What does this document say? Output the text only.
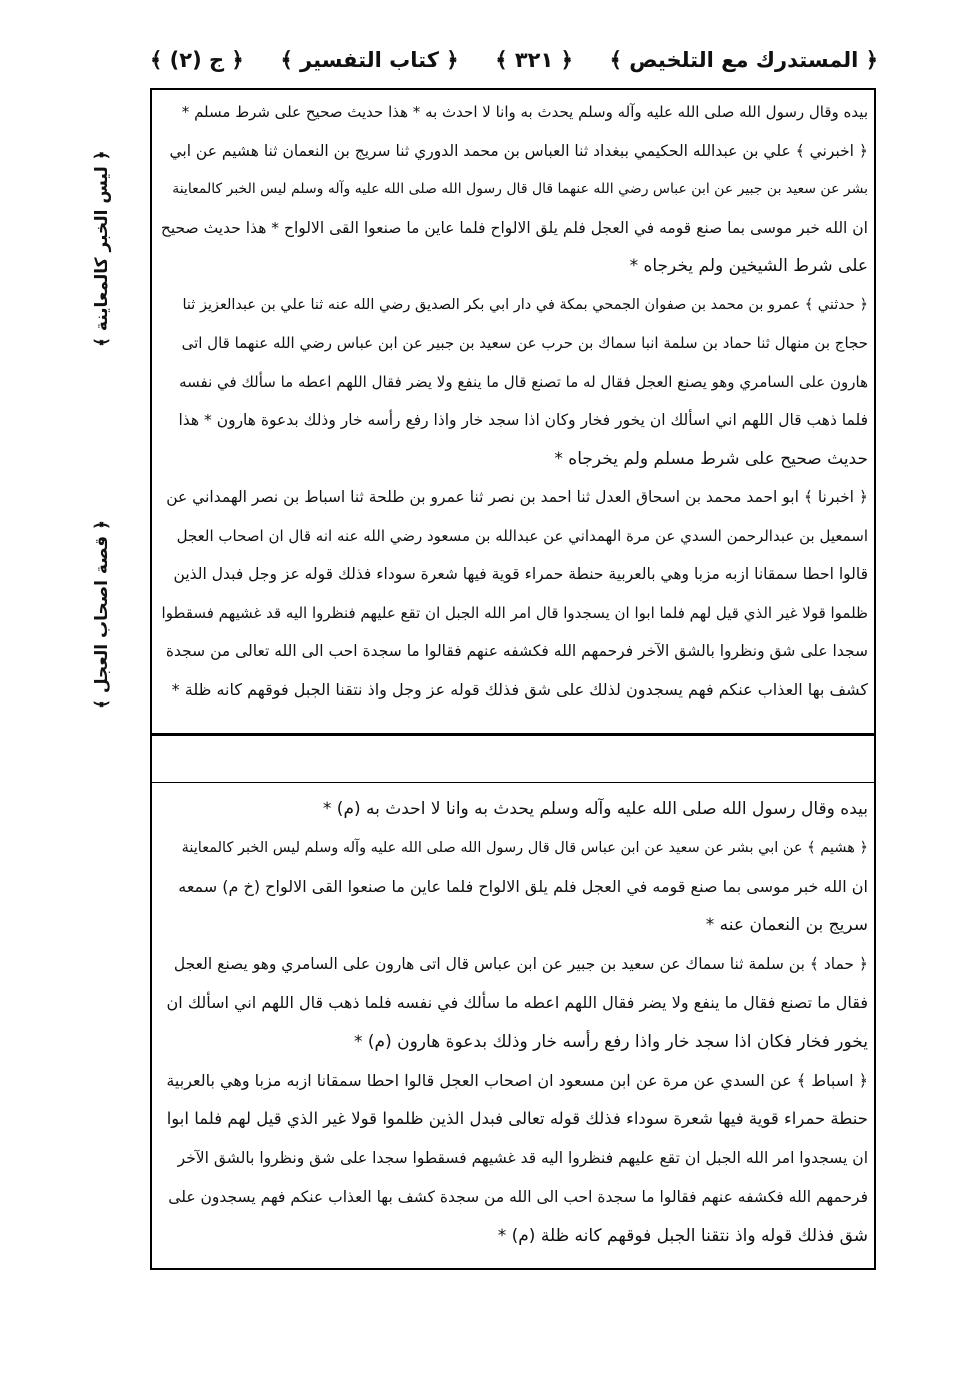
﴿ المستدرك مع التلخيص ﴾
﴿ ٣٢١ ﴾
﴿ كتاب التفسير ﴾
﴿ ج (٢) ﴾
﴿ ليس الخبر كالمعاينة ﴾
﴿ قصة اصحاب العجل ﴾
بيده وقال رسول الله صلى الله عليه وآله وسلم يحدث به وانا لا احدث به * هذا حديث صحيح على شرط مسلم *
﴿ اخبرني ﴾ علي بن عبدالله الحكيمي ببغداد ثنا العباس بن محمد الدوري ثنا سريج بن النعمان ثنا هشيم عن ابي
بشر عن سعيد بن جبير عن ابن عباس رضي الله عنهما قال قال رسول الله صلى الله عليه وآله وسلم ليس الخبر كالمعاينة
ان الله خبر موسى بما صنع قومه في العجل فلم يلق الالواح فلما عاين ما صنعوا القى الالواح * هذا حديث صحيح
على شرط الشيخين ولم يخرجاه *
﴿ حدثني ﴾ عمرو بن محمد بن صفوان الجمحي بمكة في دار ابي بكر الصديق رضي الله عنه ثنا علي بن عبدالعزيز ثنا
حجاج بن منهال ثنا حماد بن سلمة انبا سماك بن حرب عن سعيد بن جبير عن ابن عباس رضي الله عنهما قال اتى
هارون على السامري وهو يصنع العجل فقال له ما تصنع قال ما ينفع ولا يضر فقال اللهم اعطه ما سألك في نفسه
فلما ذهب قال اللهم اني اسألك ان يخور فخار وكان اذا سجد خار واذا رفع رأسه خار وذلك بدعوة هارون * هذا
حديث صحيح على شرط مسلم ولم يخرجاه *
﴿ اخبرنا ﴾ ابو احمد محمد بن اسحاق العدل ثنا احمد بن نصر ثنا عمرو بن طلحة ثنا اسباط بن نصر الهمداني عن
اسمعيل بن عبدالرحمن السدي عن مرة الهمداني عن عبدالله بن مسعود رضي الله عنه انه قال ان اصحاب العجل
قالوا احطا سمقانا ازبه مزبا وهي بالعربية حنطة حمراء قوية فيها شعرة سوداء فذلك قوله عز وجل فبدل الذين
ظلموا قولا غير الذي قيل لهم فلما ابوا ان يسجدوا قال امر الله الجبل ان تقع عليهم فنظروا اليه قد غشيهم فسقطوا
سجدا على شق ونظروا بالشق الآخر فرحمهم الله فكشفه عنهم فقالوا ما سجدة احب الى الله تعالى من سجدة
كشف بها العذاب عنكم فهم يسجدون لذلك على شق فذلك قوله عز وجل واذ نتقنا الجبل فوقهم كانه ظلة *
بيده وقال رسول الله صلى الله عليه وآله وسلم يحدث به وانا لا احدث به (م) *
﴿ هشيم ﴾ عن ابي بشر عن سعيد عن ابن عباس قال قال رسول الله صلى الله عليه وآله وسلم ليس الخبر كالمعاينة
ان الله خبر موسى بما صنع قومه في العجل فلم يلق الالواح فلما عاين ما صنعوا القى الالواح (خ م) سمعه
سريج بن النعمان عنه *
﴿ حماد ﴾ بن سلمة ثنا سماك عن سعيد بن جبير عن ابن عباس قال اتى هارون على السامري وهو يصنع العجل
فقال ما تصنع فقال ما ينفع ولا يضر فقال اللهم اعطه ما سألك في نفسه فلما ذهب قال اللهم اني اسألك ان
يخور فخار فكان اذا سجد خار واذا رفع رأسه خار وذلك بدعوة هارون (م) *
﴿ اسباط ﴾ عن السدي عن مرة عن ابن مسعود ان اصحاب العجل قالوا احطا سمقانا ازبه مزبا وهي بالعربية
حنطة حمراء قوية فيها شعرة سوداء فذلك قوله تعالى فبدل الذين ظلموا قولا غير الذي قيل لهم فلما ابوا
ان يسجدوا امر الله الجبل ان تقع عليهم فنظروا اليه قد غشيهم فسقطوا سجدا على شق ونظروا بالشق الآخر
فرحمهم الله فكشفه عنهم فقالوا ما سجدة احب الى الله من سجدة كشف بها العذاب عنكم فهم يسجدون على
شق فذلك قوله واذ نتقنا الجبل فوقهم كانه ظلة (م) *
